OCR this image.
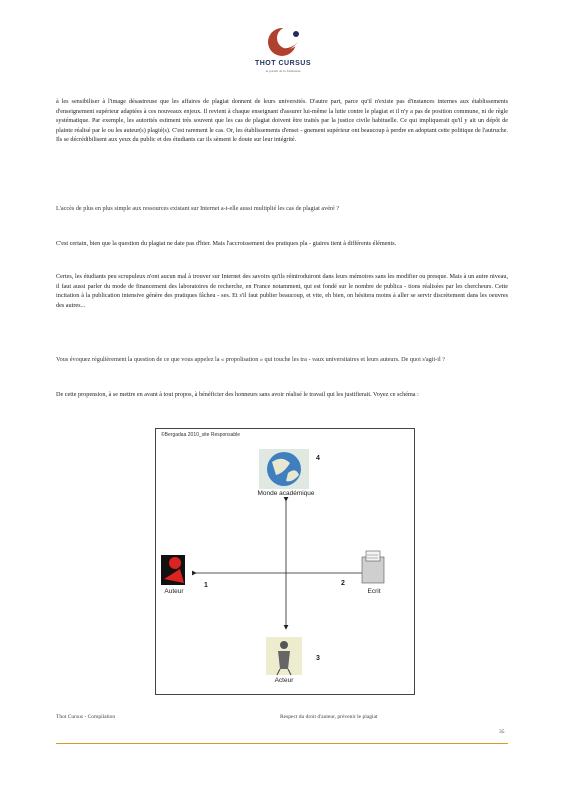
THOT CURSUS
le portail de la formation

à les sensibiliser à l'image désastreuse que les affaires de plagiat donnent de leurs universités. D'autre part, parce qu'il n'existe pas d'instances internes aux établissements d'enseignement supérieur adaptées à ces nouveaux enjeux. Il revient à chaque enseignant d'assurer lui-même la lutte contre le plagiat et il n'y a pas de position commune, ni de règle systématique. Par exemple, les autorités estiment très souvent que les cas de plagiat doivent être traités par la justice civile habituelle. Ce qui impliquerait qu'il y ait un dépôt de plainte réalisé par le ou les auteur(s) plagié(s). C'est rarement le cas. Or, les établissements d'ensei - gnement supérieur ont beaucoup à perdre en adoptant cette politique de l'autruche. Ils se décrédibilisent aux yeux du public et des étudiants car ils sèment le doute sur leur intégrité.

L'accès de plus en plus simple aux ressources existant sur Internet a-t-elle aussi multiplié les cas de plagiat avéré ?

C'est certain, bien que la question du plagiat ne date pas d'hier. Mais l'accroissement des pratiques pla - giaires tient à différents éléments.

Certes, les étudiants peu scrupuleux n'ont aucun mal à trouver sur Internet des savoirs qu'ils réintroduiront dans leurs mémoires sans les modifier ou presque. Mais à un autre niveau, il faut aussi parler du mode de financement des laboratoires de recherche, en France notamment, qui est fondé sur le nombre de publica - tions réalisées par les chercheurs. Cette incitation à la publication intensive génère des pratiques fâcheu - ses. Et s'il faut publier beaucoup, et vite, eh bien, on hésitera moins à aller se servir discrètement dans les oeuvres des autres...

Vous évoquez régulièrement la question de ce que vous appelez la « propolisation » qui touche les tra - vaux universitaires et leurs auteurs. De quoi s'agit-il ?

De cette propension, à se mettre en avant à tout propos, à bénéficier des honneurs sans avoir réalisé le travail qui les justifierait. Voyez ce schéma :

©Bergadaa 2010_site Responsable
4
Monde académique
1
Auteur
2
Ecrit
3
Acteur
Thot Cursus - Compilation	Respect du droit d'auteur, prévenir le plagiat
35
